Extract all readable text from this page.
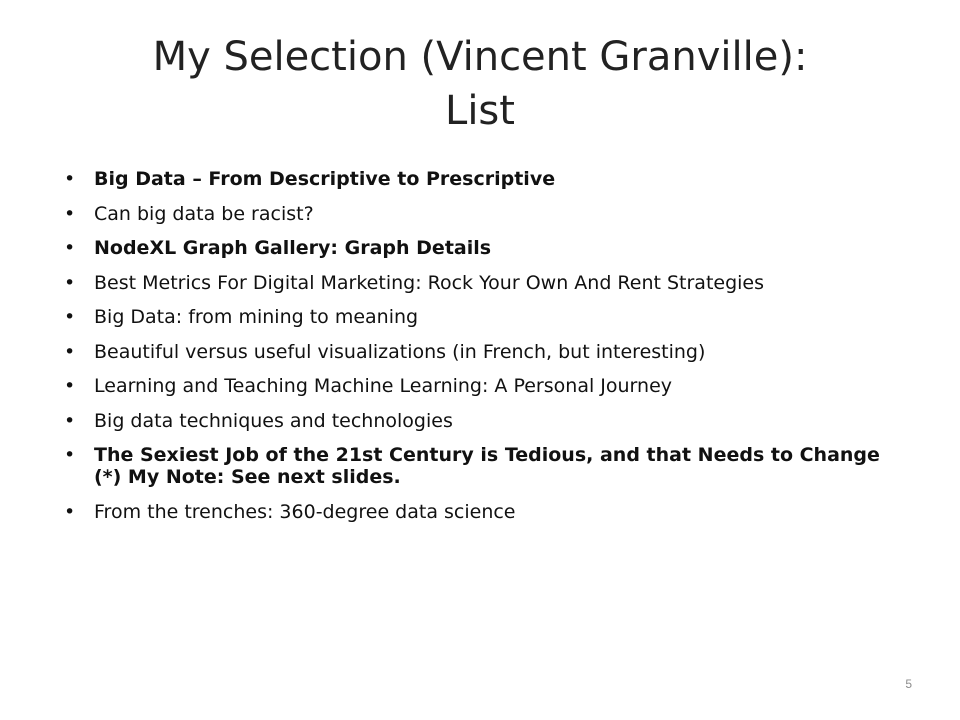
My Selection (Vincent Granville):
List
• Big Data – From Descriptive to Prescriptive
• Can big data be racist?
• NodeXL Graph Gallery: Graph Details
• Best Metrics For Digital Marketing: Rock Your Own And Rent Strategies
• Big Data: from mining to meaning
• Beautiful versus useful visualizations (in French, but interesting)
• Learning and Teaching Machine Learning: A Personal Journey
• Big data techniques and technologies
• The Sexiest Job of the 21st Century is Tedious, and that Needs to Change (*) My Note: See next slides.
• From the trenches: 360-degree data science
5
